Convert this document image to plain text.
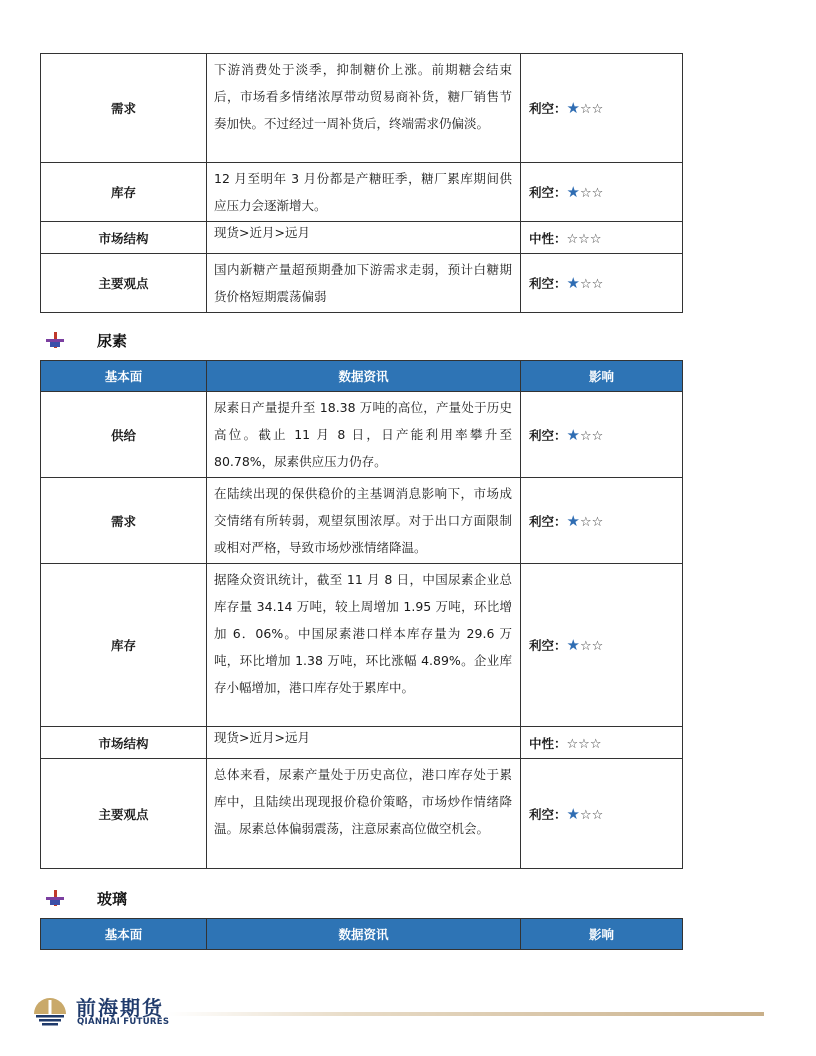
需求	下游消费处于淡季，抑制糖价上涨。前期糖会结束后，市场看多情绪浓厚带动贸易商补货，糖厂销售节奏加快。不过经过一周补货后，终端需求仍偏淡。	利空：★☆☆
库存	12 月至明年 3 月份都是产糖旺季，糖厂累库期间供应压力会逐渐增大。	利空：★☆☆
市场结构	现货>近月>远月	中性：☆☆☆
主要观点	国内新糖产量超预期叠加下游需求走弱，预计白糖期货价格短期震荡偏弱	利空：★☆☆
尿素
基本面	数据资讯	影响
供给	尿素日产量提升至 18.38 万吨的高位，产量处于历史高位。截止 11 月 8 日，日产能利用率攀升至 80.78%，尿素供应压力仍存。	利空：★☆☆
需求	在陆续出现的保供稳价的主基调消息影响下，市场成交情绪有所转弱，观望氛围浓厚。对于出口方面限制或相对严格，导致市场炒涨情绪降温。	利空：★☆☆
库存	据隆众资讯统计，截至 11 月 8 日，中国尿素企业总库存量 34.14 万吨，较上周增加 1.95 万吨，环比增加 6．06%。中国尿素港口样本库存量为 29.6 万吨，环比增加 1.38 万吨，环比涨幅 4.89%。企业库存小幅增加，港口库存处于累库中。	利空：★☆☆
市场结构	现货>近月>远月	中性：☆☆☆
主要观点	总体来看，尿素产量处于历史高位，港口库存处于累库中，且陆续出现现报价稳价策略，市场炒作情绪降温。尿素总体偏弱震荡，注意尿素高位做空机会。	利空：★☆☆
玻璃
基本面	数据资讯	影响
前海期货
QIANHAI FUTURES
